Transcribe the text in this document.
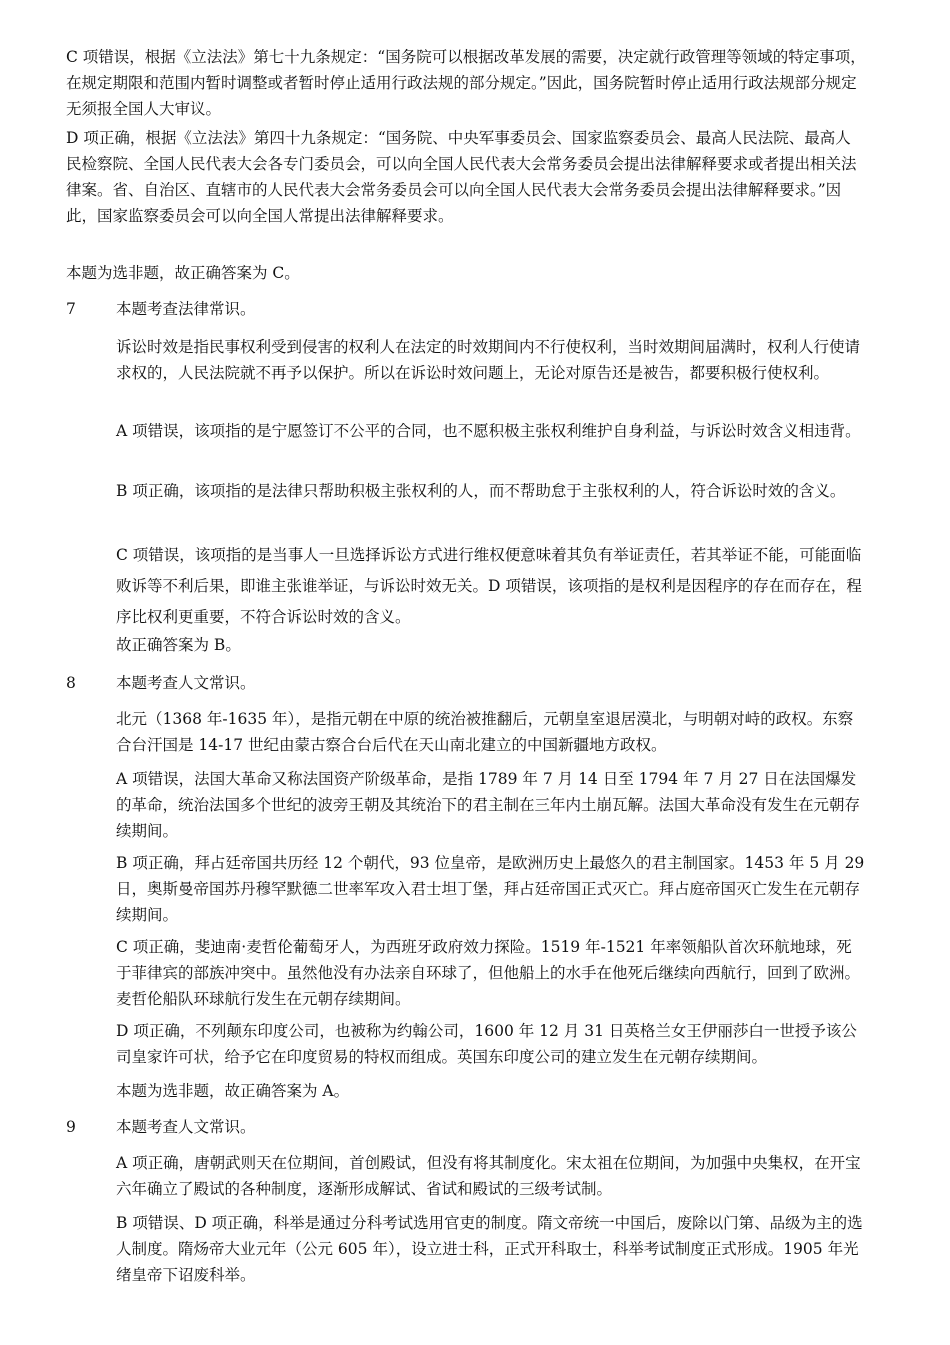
C 项错误，根据《立法法》第七十九条规定：“国务院可以根据改革发展的需要，决定就行政管理等领域的特定事项，在规定期限和范围内暂时调整或者暂时停止适用行政法规的部分规定。”因此，国务院暂时停止适用行政法规部分规定无须报全国人大审议。

D 项正确，根据《立法法》第四十九条规定：“国务院、中央军事委员会、国家监察委员会、最高人民法院、最高人民检察院、全国人民代表大会各专门委员会，可以向全国人民代表大会常务委员会提出法律解释要求或者提出相关法律案。省、自治区、直辖市的人民代表大会常务委员会可以向全国人民代表大会常务委员会提出法律解释要求。”因此，国家监察委员会可以向全国人常提出法律解释要求。

本题为选非题，故正确答案为 C。

7	本题考查法律常识。

诉讼时效是指民事权利受到侵害的权利人在法定的时效期间内不行使权利，当时效期间届满时，权利人行使请求权的，人民法院就不再予以保护。所以在诉讼时效问题上，无论对原告还是被告，都要积极行使权利。

A 项错误，该项指的是宁愿签订不公平的合同，也不愿积极主张权利维护自身利益，与诉讼时效含义相违背。

B 项正确，该项指的是法律只帮助积极主张权利的人，而不帮助怠于主张权利的人，符合诉讼时效的含义。

C 项错误，该项指的是当事人一旦选择诉讼方式进行维权便意味着其负有举证责任，若其举证不能，可能面临败诉等不利后果，即谁主张谁举证，与诉讼时效无关。D 项错误，该项指的是权利是因程序的存在而存在，程序比权利更重要，不符合诉讼时效的含义。

故正确答案为 B。

8	本题考查人文常识。

北元（1368 年-1635 年），是指元朝在中原的统治被推翻后，元朝皇室退居漠北，与明朝对峙的政权。东察合台汗国是 14-17 世纪由蒙古察合台后代在天山南北建立的中国新疆地方政权。

A 项错误，法国大革命又称法国资产阶级革命，是指 1789 年 7 月 14 日至 1794 年 7 月 27 日在法国爆发的革命，统治法国多个世纪的波旁王朝及其统治下的君主制在三年内土崩瓦解。法国大革命没有发生在元朝存续期间。

B 项正确，拜占廷帝国共历经 12 个朝代，93 位皇帝，是欧洲历史上最悠久的君主制国家。1453 年 5 月 29 日，奥斯曼帝国苏丹穆罕默德二世率军攻入君士坦丁堡，拜占廷帝国正式灭亡。拜占庭帝国灭亡发生在元朝存续期间。

C 项正确，斐迪南·麦哲伦葡萄牙人，为西班牙政府效力探险。1519 年-1521 年率领船队首次环航地球，死于菲律宾的部族冲突中。虽然他没有办法亲自环球了，但他船上的水手在他死后继续向西航行，回到了欧洲。麦哲伦船队环球航行发生在元朝存续期间。

D 项正确，不列颠东印度公司，也被称为约翰公司，1600 年 12 月 31 日英格兰女王伊丽莎白一世授予该公司皇家许可状，给予它在印度贸易的特权而组成。英国东印度公司的建立发生在元朝存续期间。

本题为选非题，故正确答案为 A。

9	本题考查人文常识。

A 项正确，唐朝武则天在位期间，首创殿试，但没有将其制度化。宋太祖在位期间，为加强中央集权，在开宝六年确立了殿试的各种制度，逐渐形成解试、省试和殿试的三级考试制。

B 项错误、D 项正确，科举是通过分科考试选用官吏的制度。隋文帝统一中国后，废除以门第、品级为主的选人制度。隋炀帝大业元年（公元 605 年），设立进士科，正式开科取士，科举考试制度正式形成。1905 年光绪皇帝下诏废科举。
